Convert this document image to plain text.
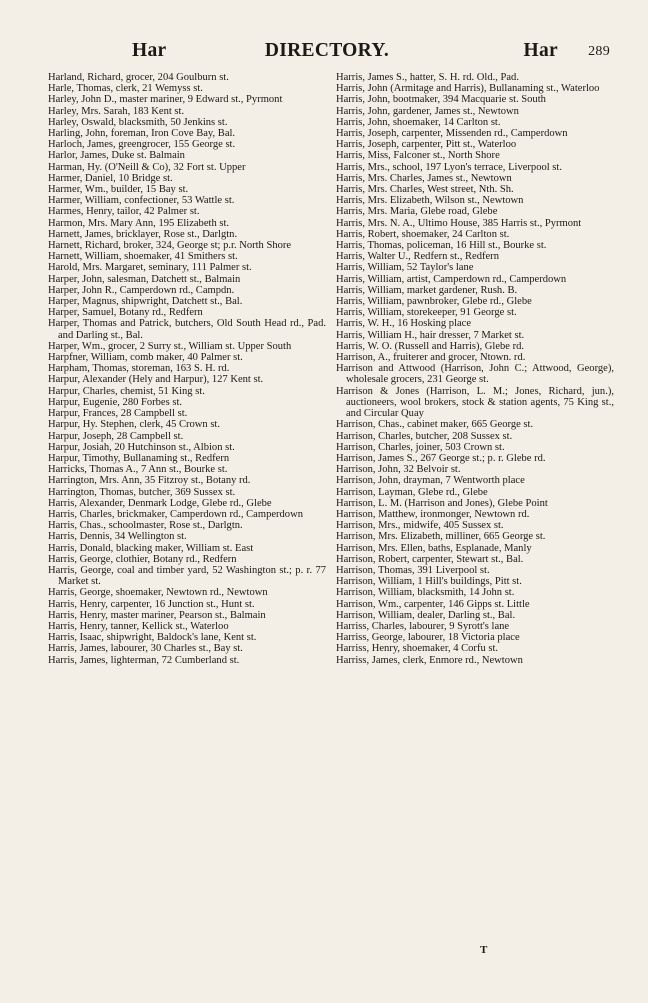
Har	DIRECTORY.	Har 289

Harland, Richard, grocer, 204 Goulburn st.

Harle, Thomas, clerk, 21 Wemyss st.

Harley, John D., master mariner, 9 Edward st., Pyrmont

Harley, Mrs. Sarah, 183 Kent st.

Harley, Oswald, blacksmith, 50 Jenkins st.

Harling, John, foreman, Iron Cove Bay, Bal.

Harloch, James, greengrocer, 155 George st.

Harlor, James, Duke st. Balmain

Harman, Hy. (O'Neill & Co), 32 Fort st. Upper

Harmer, Daniel, 10 Bridge st.

Harmer, Wm., builder, 15 Bay st.

Harmer, William, confectioner, 53 Wattle st.

Harmes, Henry, tailor, 42 Palmer st.

Harmon, Mrs. Mary Ann, 195 Elizabeth st.

Harnett, James, bricklayer, Rose st., Darlgtn.

Harnett, Richard, broker, 324, George st; p.r. North Shore

Harnett, William, shoemaker, 41 Smithers st.

Harold, Mrs. Margaret, seminary, 111 Palmer st.

Harper, John, salesman, Datchett st., Balmain

Harper, John R., Camperdown rd., Campdn.

Harper, Magnus, shipwright, Datchett st., Bal.

Harper, Samuel, Botany rd., Redfern

Harper, Thomas and Patrick, butchers, Old South Head rd., Pad. and Darling st., Bal.

Harper, Wm., grocer, 2 Surry st., William st. Upper South

Harpfner, William, comb maker, 40 Palmer st.

Harpham, Thomas, storeman, 163 S. H. rd.

Harpur, Alexander (Hely and Harpur), 127 Kent st.

Harpur, Charles, chemist, 51 King st.

Harpur, Eugenie, 280 Forbes st.

Harpur, Frances, 28 Campbell st.

Harpur, Hy. Stephen, clerk, 45 Crown st.

Harpur, Joseph, 28 Campbell st.

Harpur, Josiah, 20 Hutchinson st., Albion st.

Harpur, Timothy, Bullanaming st., Redfern

Harricks, Thomas A., 7 Ann st., Bourke st.

Harrington, Mrs. Ann, 35 Fitzroy st., Botany rd.

Harrington, Thomas, butcher, 369 Sussex st.

Harris, Alexander, Denmark Lodge, Glebe rd., Glebe

Harris, Charles, brickmaker, Camperdown rd., Camperdown

Harris, Chas., schoolmaster, Rose st., Darlgtn.

Harris, Dennis, 34 Wellington st.

Harris, Donald, blacking maker, William st. East

Harris, George, clothier, Botany rd., Redfern

Harris, George, coal and timber yard, 52 Washington st.; p. r. 77 Market st.

Harris, George, shoemaker, Newtown rd., Newtown

Harris, Henry, carpenter, 16 Junction st., Hunt st.

Harris, Henry, master mariner, Pearson st., Balmain

Harris, Henry, tanner, Kellick st., Waterloo

Harris, Isaac, shipwright, Baldock's lane, Kent st.

Harris, James, labourer, 30 Charles st., Bay st.

Harris, James, lighterman, 72 Cumberland st.

Harris, James S., hatter, S. H. rd. Old., Pad.

Harris, John (Armitage and Harris), Bullanaming st., Waterloo

Harris, John, bootmaker, 394 Macquarie st. South

Harris, John, gardener, James st., Newtown

Harris, John, shoemaker, 14 Carlton st.

Harris, Joseph, carpenter, Missenden rd., Camperdown

Harris, Joseph, carpenter, Pitt st., Waterloo

Harris, Miss, Falconer st., North Shore

Harris, Mrs., school, 197 Lyon's terrace, Liverpool st.

Harris, Mrs. Charles, James st., Newtown

Harris, Mrs. Charles, West street, Nth. Sh.

Harris, Mrs. Elizabeth, Wilson st., Newtown

Harris, Mrs. Maria, Glebe road, Glebe

Harris, Mrs. N. A., Ultimo House, 385 Harris st., Pyrmont

Harris, Robert, shoemaker, 24 Carlton st.

Harris, Thomas, policeman, 16 Hill st., Bourke st.

Harris, Walter U., Redfern st., Redfern

Harris, William, 52 Taylor's lane

Harris, William, artist, Camperdown rd., Camperdown

Harris, William, market gardener, Rush. B.

Harris, William, pawnbroker, Glebe rd., Glebe

Harris, William, storekeeper, 91 George st.

Harris, W. H., 16 Hosking place

Harris, William H., hair dresser, 7 Market st.

Harris, W. O. (Russell and Harris), Glebe rd.

Harrison, A., fruiterer and grocer, Ntown. rd.

Harrison and Attwood (Harrison, John C.; Attwood, George), wholesale grocers, 231 George st.

Harrison & Jones (Harrison, L. M.; Jones, Richard, jun.), auctioneers, wool brokers, stock & station agents, 75 King st., and Circular Quay

Harrison, Chas., cabinet maker, 665 George st.

Harrison, Charles, butcher, 208 Sussex st.

Harrison, Charles, joiner, 503 Crown st.

Harrison, James S., 267 George st.; p. r. Glebe rd.

Harrison, John, 32 Belvoir st.

Harrison, John, drayman, 7 Wentworth place

Harrison, Layman, Glebe rd., Glebe

Harrison, L. M. (Harrison and Jones), Glebe Point

Harrison, Matthew, ironmonger, Newtown rd.

Harrison, Mrs., midwife, 405 Sussex st.

Harrison, Mrs. Elizabeth, milliner, 665 George st.

Harrison, Mrs. Ellen, baths, Esplanade, Manly

Harrison, Robert, carpenter, Stewart st., Bal.

Harrison, Thomas, 391 Liverpool st.

Harrison, William, 1 Hill's buildings, Pitt st.

Harrison, William, blacksmith, 14 John st.

Harrison, Wm., carpenter, 146 Gipps st. Little

Harrison, William, dealer, Darling st., Bal.

Harriss, Charles, labourer, 9 Syrott's lane

Harriss, George, labourer, 18 Victoria place

Harriss, Henry, shoemaker, 4 Corfu st.

Harriss, James, clerk, Enmore rd., Newtown

T
